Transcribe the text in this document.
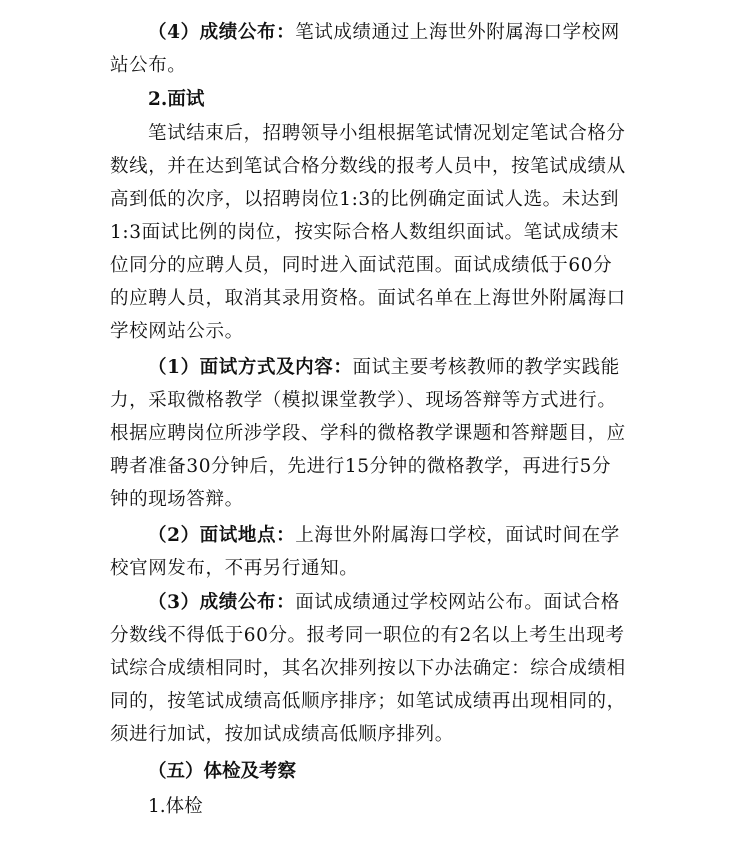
（4）成绩公布：笔试成绩通过上海世外附属海口学校网站公布。

2.面试

笔试结束后，招聘领导小组根据笔试情况划定笔试合格分数线，并在达到笔试合格分数线的报考人员中，按笔试成绩从高到低的次序，以招聘岗位1:3的比例确定面试人选。未达到1:3面试比例的岗位，按实际合格人数组织面试。笔试成绩末位同分的应聘人员，同时进入面试范围。面试成绩低于60分的应聘人员，取消其录用资格。面试名单在上海世外附属海口学校网站公示。

（1）面试方式及内容：面试主要考核教师的教学实践能力，采取微格教学（模拟课堂教学）、现场答辩等方式进行。根据应聘岗位所涉学段、学科的微格教学课题和答辩题目，应聘者准备30分钟后，先进行15分钟的微格教学，再进行5分钟的现场答辩。

（2）面试地点：上海世外附属海口学校，面试时间在学校官网发布，不再另行通知。

（3）成绩公布：面试成绩通过学校网站公布。面试合格分数线不得低于60分。报考同一职位的有2名以上考生出现考试综合成绩相同时，其名次排列按以下办法确定：综合成绩相同的，按笔试成绩高低顺序排序；如笔试成绩再出现相同的，须进行加试，按加试成绩高低顺序排列。

（五）体检及考察

1.体检
